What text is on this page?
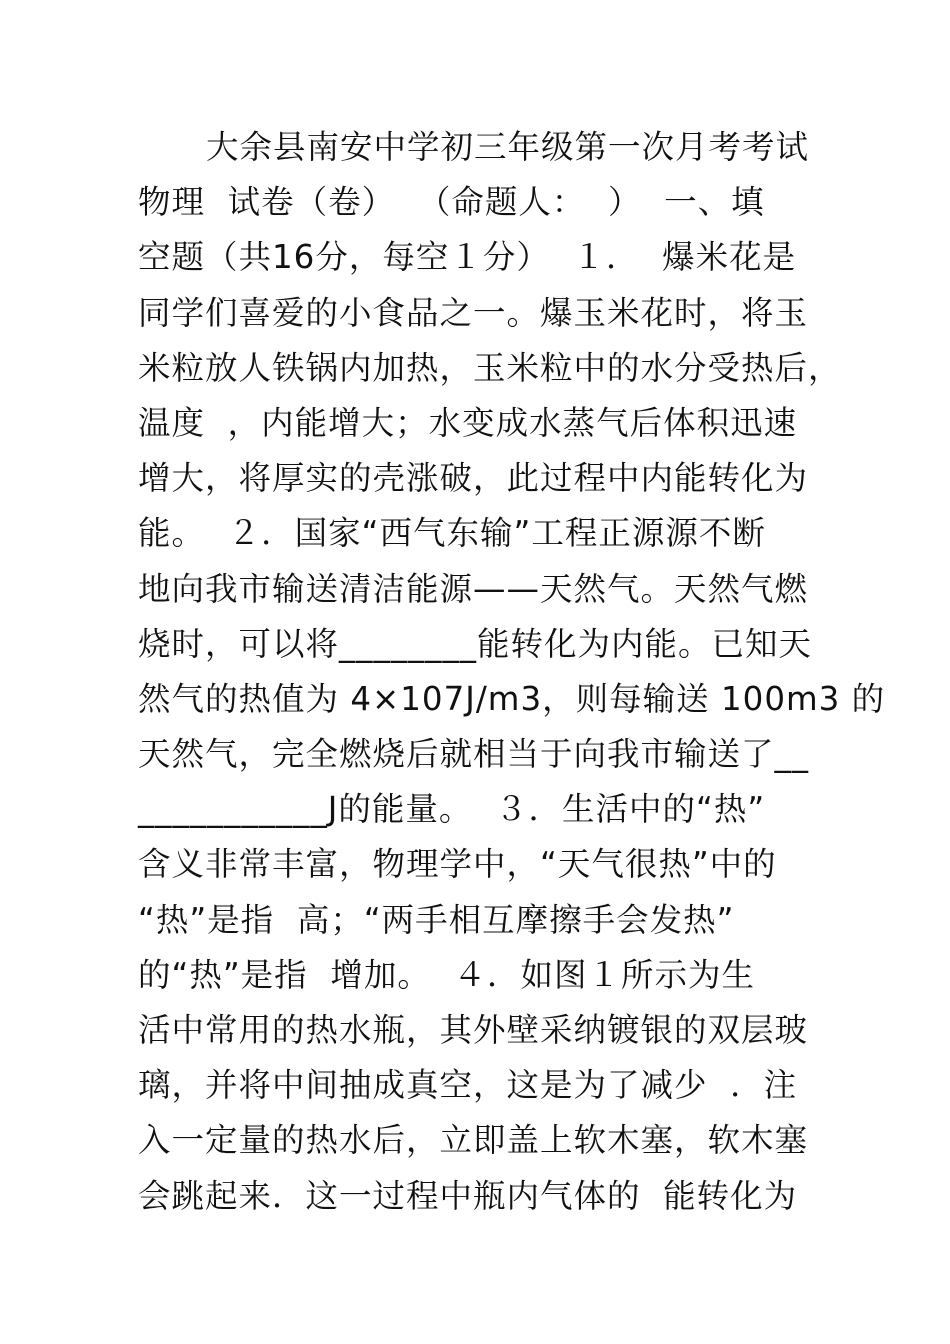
大余县南安中学初三年级第一次月考考试
物理  试卷（卷）  （命题人：  ）  一、填
空题（共16分，每空１分）  １．  爆米花是
同学们喜爱的小食品之一。爆玉米花时，将玉
米粒放人铁锅内加热，玉米粒中的水分受热后，
温度  ，内能增大；水变成水蒸气后体积迅速
增大，将厚实的壳涨破，此过程中内能转化为
能。  ２．国家“西气东输”工程正源源不断
地向我市输送清洁能源——天然气。天然气燃
烧时，可以将________能转化为内能。已知天
然气的热值为 4×107J/m3，则每输送 100m3 的
天然气，完全燃烧后就相当于向我市输送了__
___________J的能量。  ３．生活中的“热”
含义非常丰富，物理学中，“天气很热”中的
“热”是指  高；“两手相互摩擦手会发热”
的“热”是指  增加。  ４．如图１所示为生
活中常用的热水瓶，其外壁采纳镀银的双层玻
璃，并将中间抽成真空，这是为了减少  ．注
入一定量的热水后，立即盖上软木塞，软木塞
会跳起来．这一过程中瓶内气体的  能转化为
